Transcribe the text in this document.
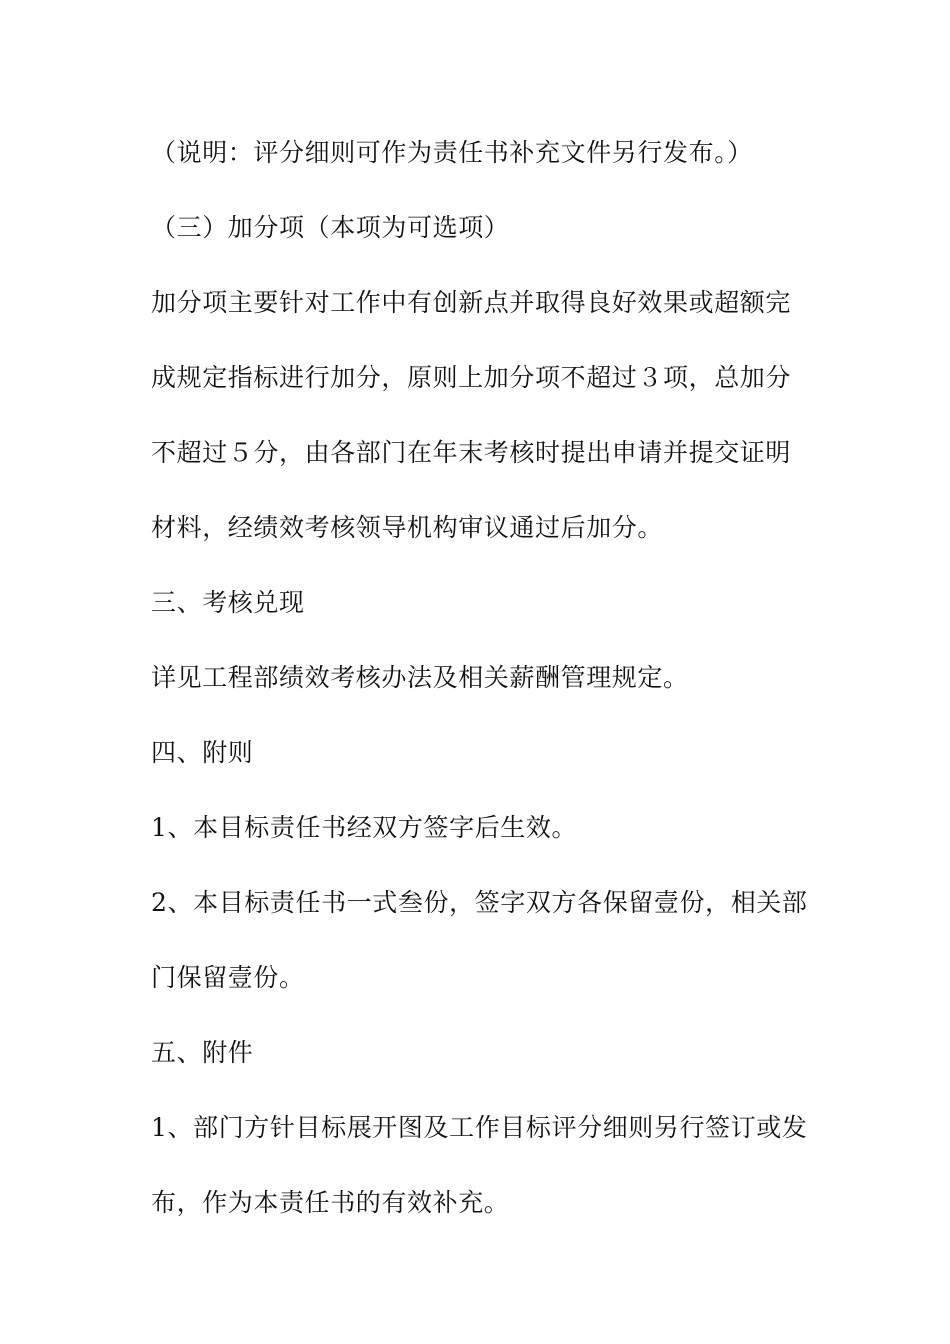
（说明：评分细则可作为责任书补充文件另行发布。）
（三）加分项（本项为可选项）
加分项主要针对工作中有创新点并取得良好效果或超额完
成规定指标进行加分，原则上加分项不超过３项，总加分
不超过５分，由各部门在年末考核时提出申请并提交证明
材料，经绩效考核领导机构审议通过后加分。
三、考核兑现
详见工程部绩效考核办法及相关薪酬管理规定。
四、附则
1、本目标责任书经双方签字后生效。
2、本目标责任书一式叁份，签字双方各保留壹份，相关部
门保留壹份。
五、附件
1、部门方针目标展开图及工作目标评分细则另行签订或发
布，作为本责任书的有效补充。
